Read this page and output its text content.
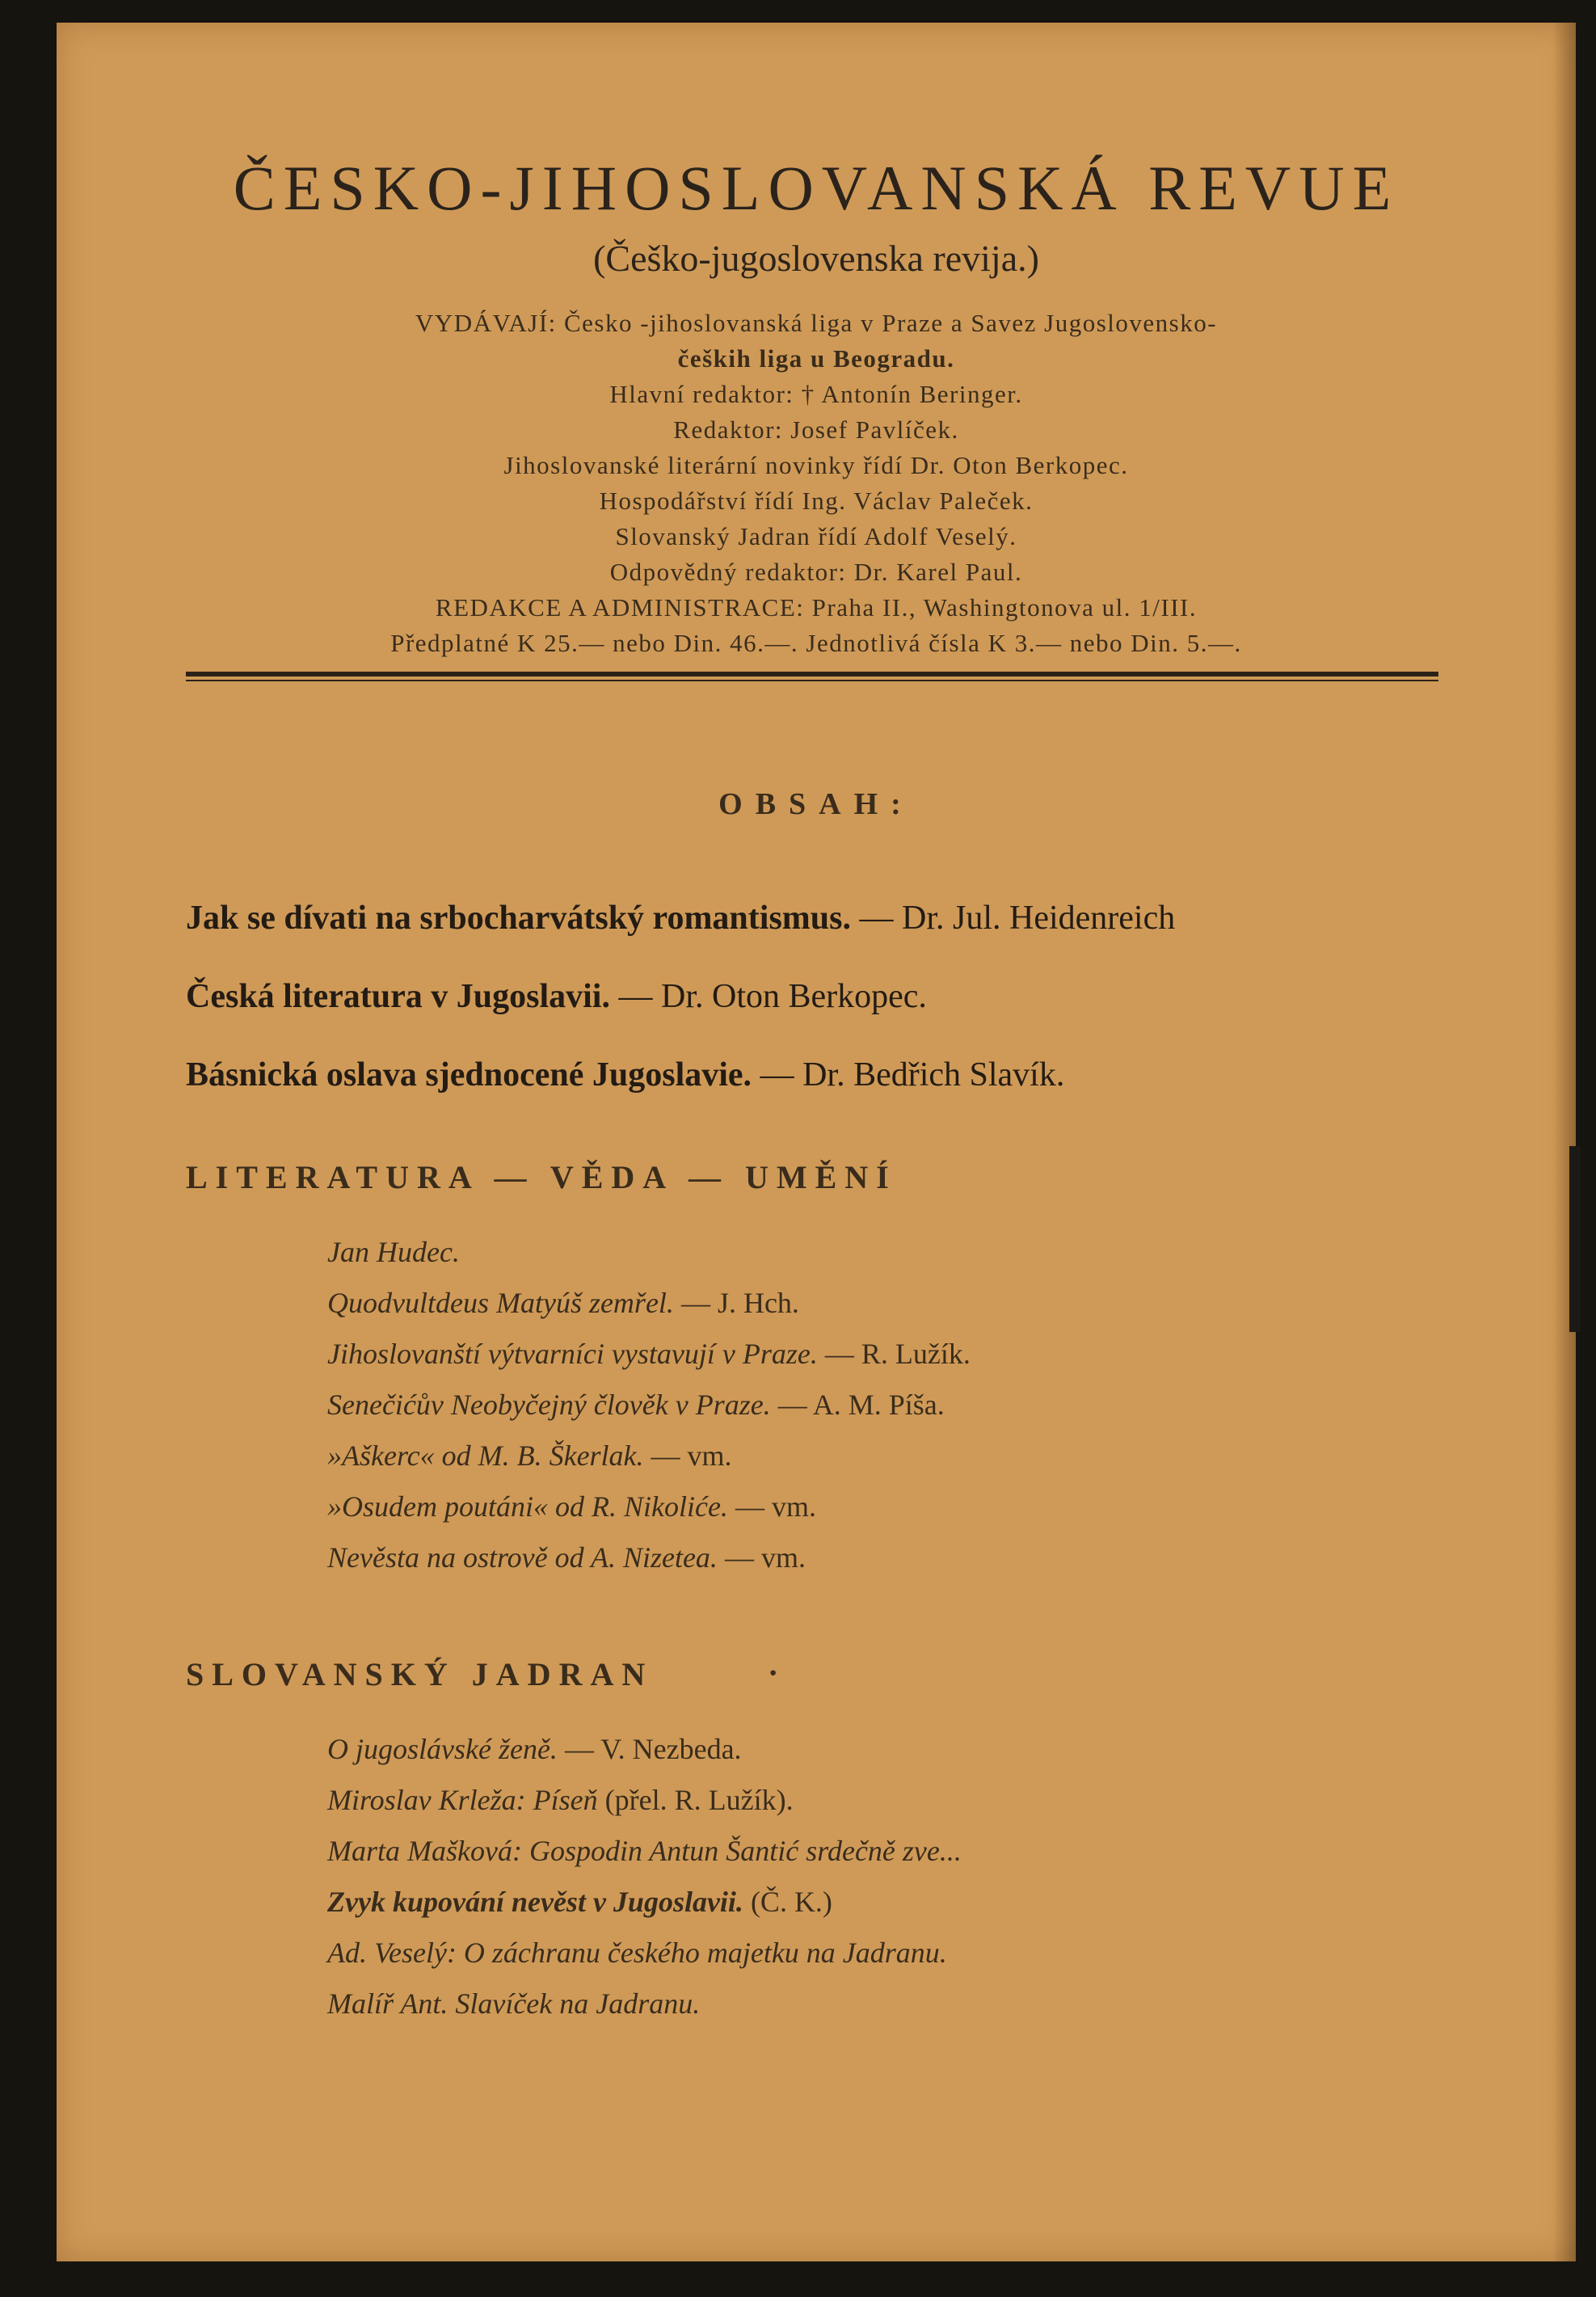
ČESKO-JIHOSLOVANSKÁ REVUE
(Češko-jugoslovenska revija.)
VYDÁVAJÍ: Česko -jihoslovanská liga v Praze a Savez Jugoslovensko-
čeških liga u Beogradu.
Hlavní redaktor: † Antonín Beringer.
Redaktor: Josef Pavlíček.
Jihoslovanské literární novinky řídí Dr. Oton Berkopec.
Hospodářství řídí Ing. Václav Paleček.
Slovanský Jadran řídí Adolf Veselý.
Odpovědný redaktor: Dr. Karel Paul.
REDAKCE A ADMINISTRACE: Praha II., Washingtonova ul. 1/III.
Předplatné K 25.— nebo Din. 46.—. Jednotlivá čísla K 3.— nebo Din. 5.—.
OBSAH:
Jak se dívati na srbocharvátský romantismus. — Dr. Jul. Heidenreich
Česká literatura v Jugoslavii. — Dr. Oton Berkopec.
Básnická oslava sjednocené Jugoslavie. — Dr. Bedřich Slavík.
LITERATURA — VĚDA — UMĚNÍ
Jan Hudec.
Quodvultdeus Matyúš zemřel. — J. Hch.
Jihoslovanští výtvarníci vystavují v Praze. — R. Lužík.
Senečićův Neobyčejný člověk v Praze. — A. M. Píša.
»Aškerc« od M. B. Škerlak. — vm.
»Osudem poutáni« od R. Nikoliće. — vm.
Nevěsta na ostrově od A. Nizetea. — vm.
SLOVANSKÝ JADRAN	·
O jugoslávské ženě. — V. Nezbeda.
Miroslav Krleža: Píseň (přel. R. Lužík).
Marta Mašková: Gospodin Antun Šantić srdečně zve...
Zvyk kupování nevěst v Jugoslavii. (Č. K.)
Ad. Veselý: O záchranu českého majetku na Jadranu.
Malíř Ant. Slavíček na Jadranu.
